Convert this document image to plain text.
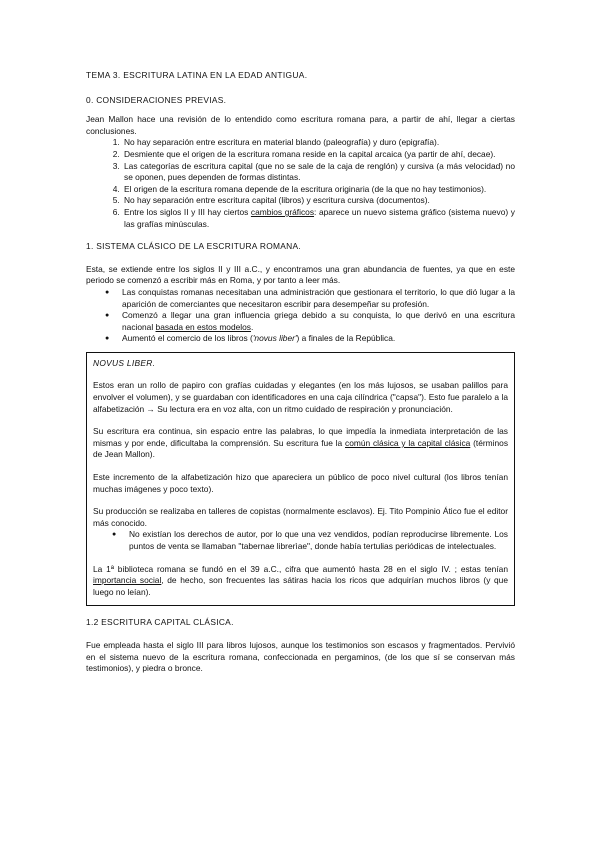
TEMA 3. ESCRITURA LATINA EN LA EDAD ANTIGUA.

0. CONSIDERACIONES PREVIAS.

Jean Mallon hace una revisión de lo entendido como escritura romana para, a partir de ahí, llegar a ciertas conclusiones.

1. No hay separación entre escritura en material blando (paleografía) y duro (epigrafía).
2. Desmiente que el origen de la escritura romana reside en la capital arcaica (ya partir de ahí, decae).
3. Las categorías de escritura capital (que no se sale de la caja de renglón) y cursiva (a más velocidad) no se oponen, pues dependen de formas distintas.
4. El origen de la escritura romana depende de la escritura originaria (de la que no hay testimonios).
5. No hay separación entre escritura capital (libros) y escritura cursiva (documentos).
6. Entre los siglos II y III hay ciertos cambios gráficos: aparece un nuevo sistema gráfico (sistema nuevo) y las grafías minúsculas.

1. SISTEMA CLÁSICO DE LA ESCRITURA ROMANA.

Esta, se extiende entre los siglos II y III a.C., y encontramos una gran abundancia de fuentes, ya que en este periodo se comenzó a escribir más en Roma, y por tanto a leer más.

● Las conquistas romanas necesitaban una administración que gestionara el territorio, lo que dió lugar a la aparición de comerciantes que necesitaron escribir para desempeñar su profesión.
● Comenzó a llegar una gran influencia griega debido a su conquista, lo que derivó en una escritura nacional basada en estos modelos.
● Aumentó el comercio de los libros ('novus liber') a finales de la República.

NOVUS LIBER.

Estos eran un rollo de papiro con grafías cuidadas y elegantes (en los más lujosos, se usaban palillos para envolver el volumen), y se guardaban con identificadores en una caja cilíndrica ("capsa"). Esto fue paralelo a la alfabetización → Su lectura era en voz alta, con un ritmo cuidado de respiración y pronunciación.

Su escritura era continua, sin espacio entre las palabras, lo que impedía la inmediata interpretación de las mismas y por ende, dificultaba la comprensión. Su escritura fue la común clásica y la capital clásica (términos de Jean Mallon).

Este incremento de la alfabetización hizo que apareciera un público de poco nivel cultural (los libros tenían muchas imágenes y poco texto).

Su producción se realizaba en talleres de copistas (normalmente esclavos). Ej. Tito Pompinio Ático fue el editor más conocido.

● No existían los derechos de autor, por lo que una vez vendidos, podían reproducirse libremente. Los puntos de venta se llamaban "tabernae librerìae", donde había tertulias periódicas de intelectuales.

La 1ª biblioteca romana se fundó en el 39 a.C., cifra que aumentó hasta 28 en el siglo IV. ; estas tenían importancia social, de hecho, son frecuentes las sátiras hacia los ricos que adquirían muchos libros (y que luego no leían).

1.2 ESCRITURA CAPITAL CLÁSICA.

Fue empleada hasta el siglo III para libros lujosos, aunque los testimonios son escasos y fragmentados. Pervivió en el sistema nuevo de la escritura romana, confeccionada en pergaminos, (de los que sí se conservan más testimonios), y piedra o bronce.
